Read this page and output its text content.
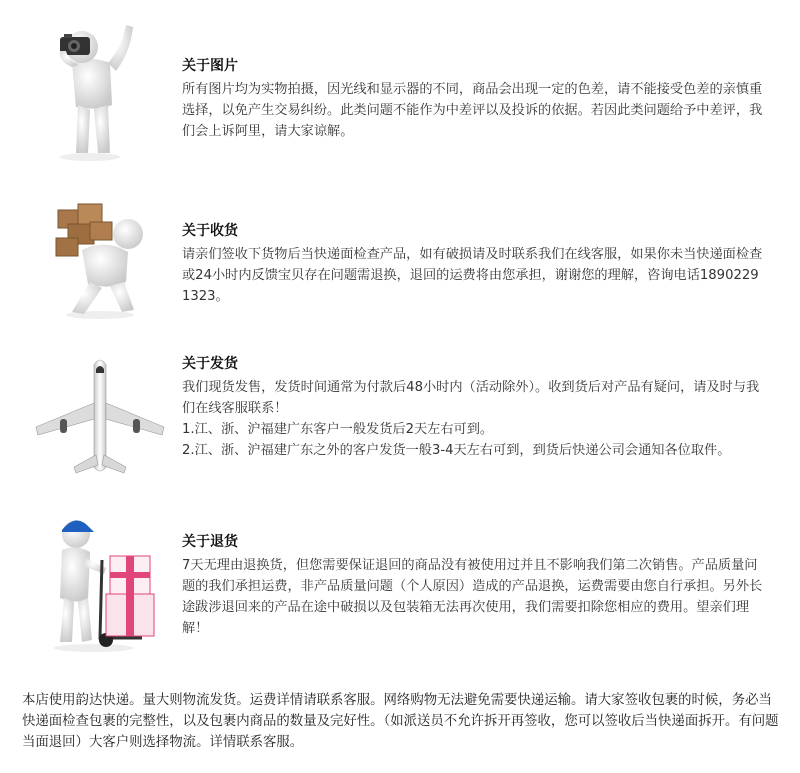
关于图片

所有图片均为实物拍摄，因光线和显示器的不同，商品会出现一定的色差，请不能接受色差的亲慎重选择，以免产生交易纠纷。此类问题不能作为中差评以及投诉的依据。若因此类问题给予中差评，我们会上诉阿里，请大家谅解。

关于收货

请亲们签收下货物后当快递面检查产品，如有破损请及时联系我们在线客服，如果你未当快递面检查或24小时内反馈宝贝存在问题需退换，退回的运费将由您承担，谢谢您的理解，咨询电话18902291323。

关于发货

我们现货发售，发货时间通常为付款后48小时内（活动除外）。收到货后对产品有疑问，请及时与我们在线客服联系！

1.江、浙、沪福建广东客户一般发货后2天左右可到。

2.江、浙、沪福建广东之外的客户发货一般3-4天左右可到，到货后快递公司会通知各位取件。

关于退货

7天无理由退换货，但您需要保证退回的商品没有被使用过并且不影响我们第二次销售。产品质量问题的我们承担运费，非产品质量问题（个人原因）造成的产品退换，运费需要由您自行承担。另外长途跋涉退回来的产品在途中破损以及包装箱无法再次使用，我们需要扣除您相应的费用。望亲们理解！

本店使用韵达快递。量大则物流发货。运费详情请联系客服。网络购物无法避免需要快递运输。请大家签收包裹的时候，务必当快递面检查包裹的完整性，以及包裹内商品的数量及完好性。（如派送员不允许拆开再签收，您可以签收后当快递面拆开。有问题当面退回）大客户则选择物流。详情联系客服。
